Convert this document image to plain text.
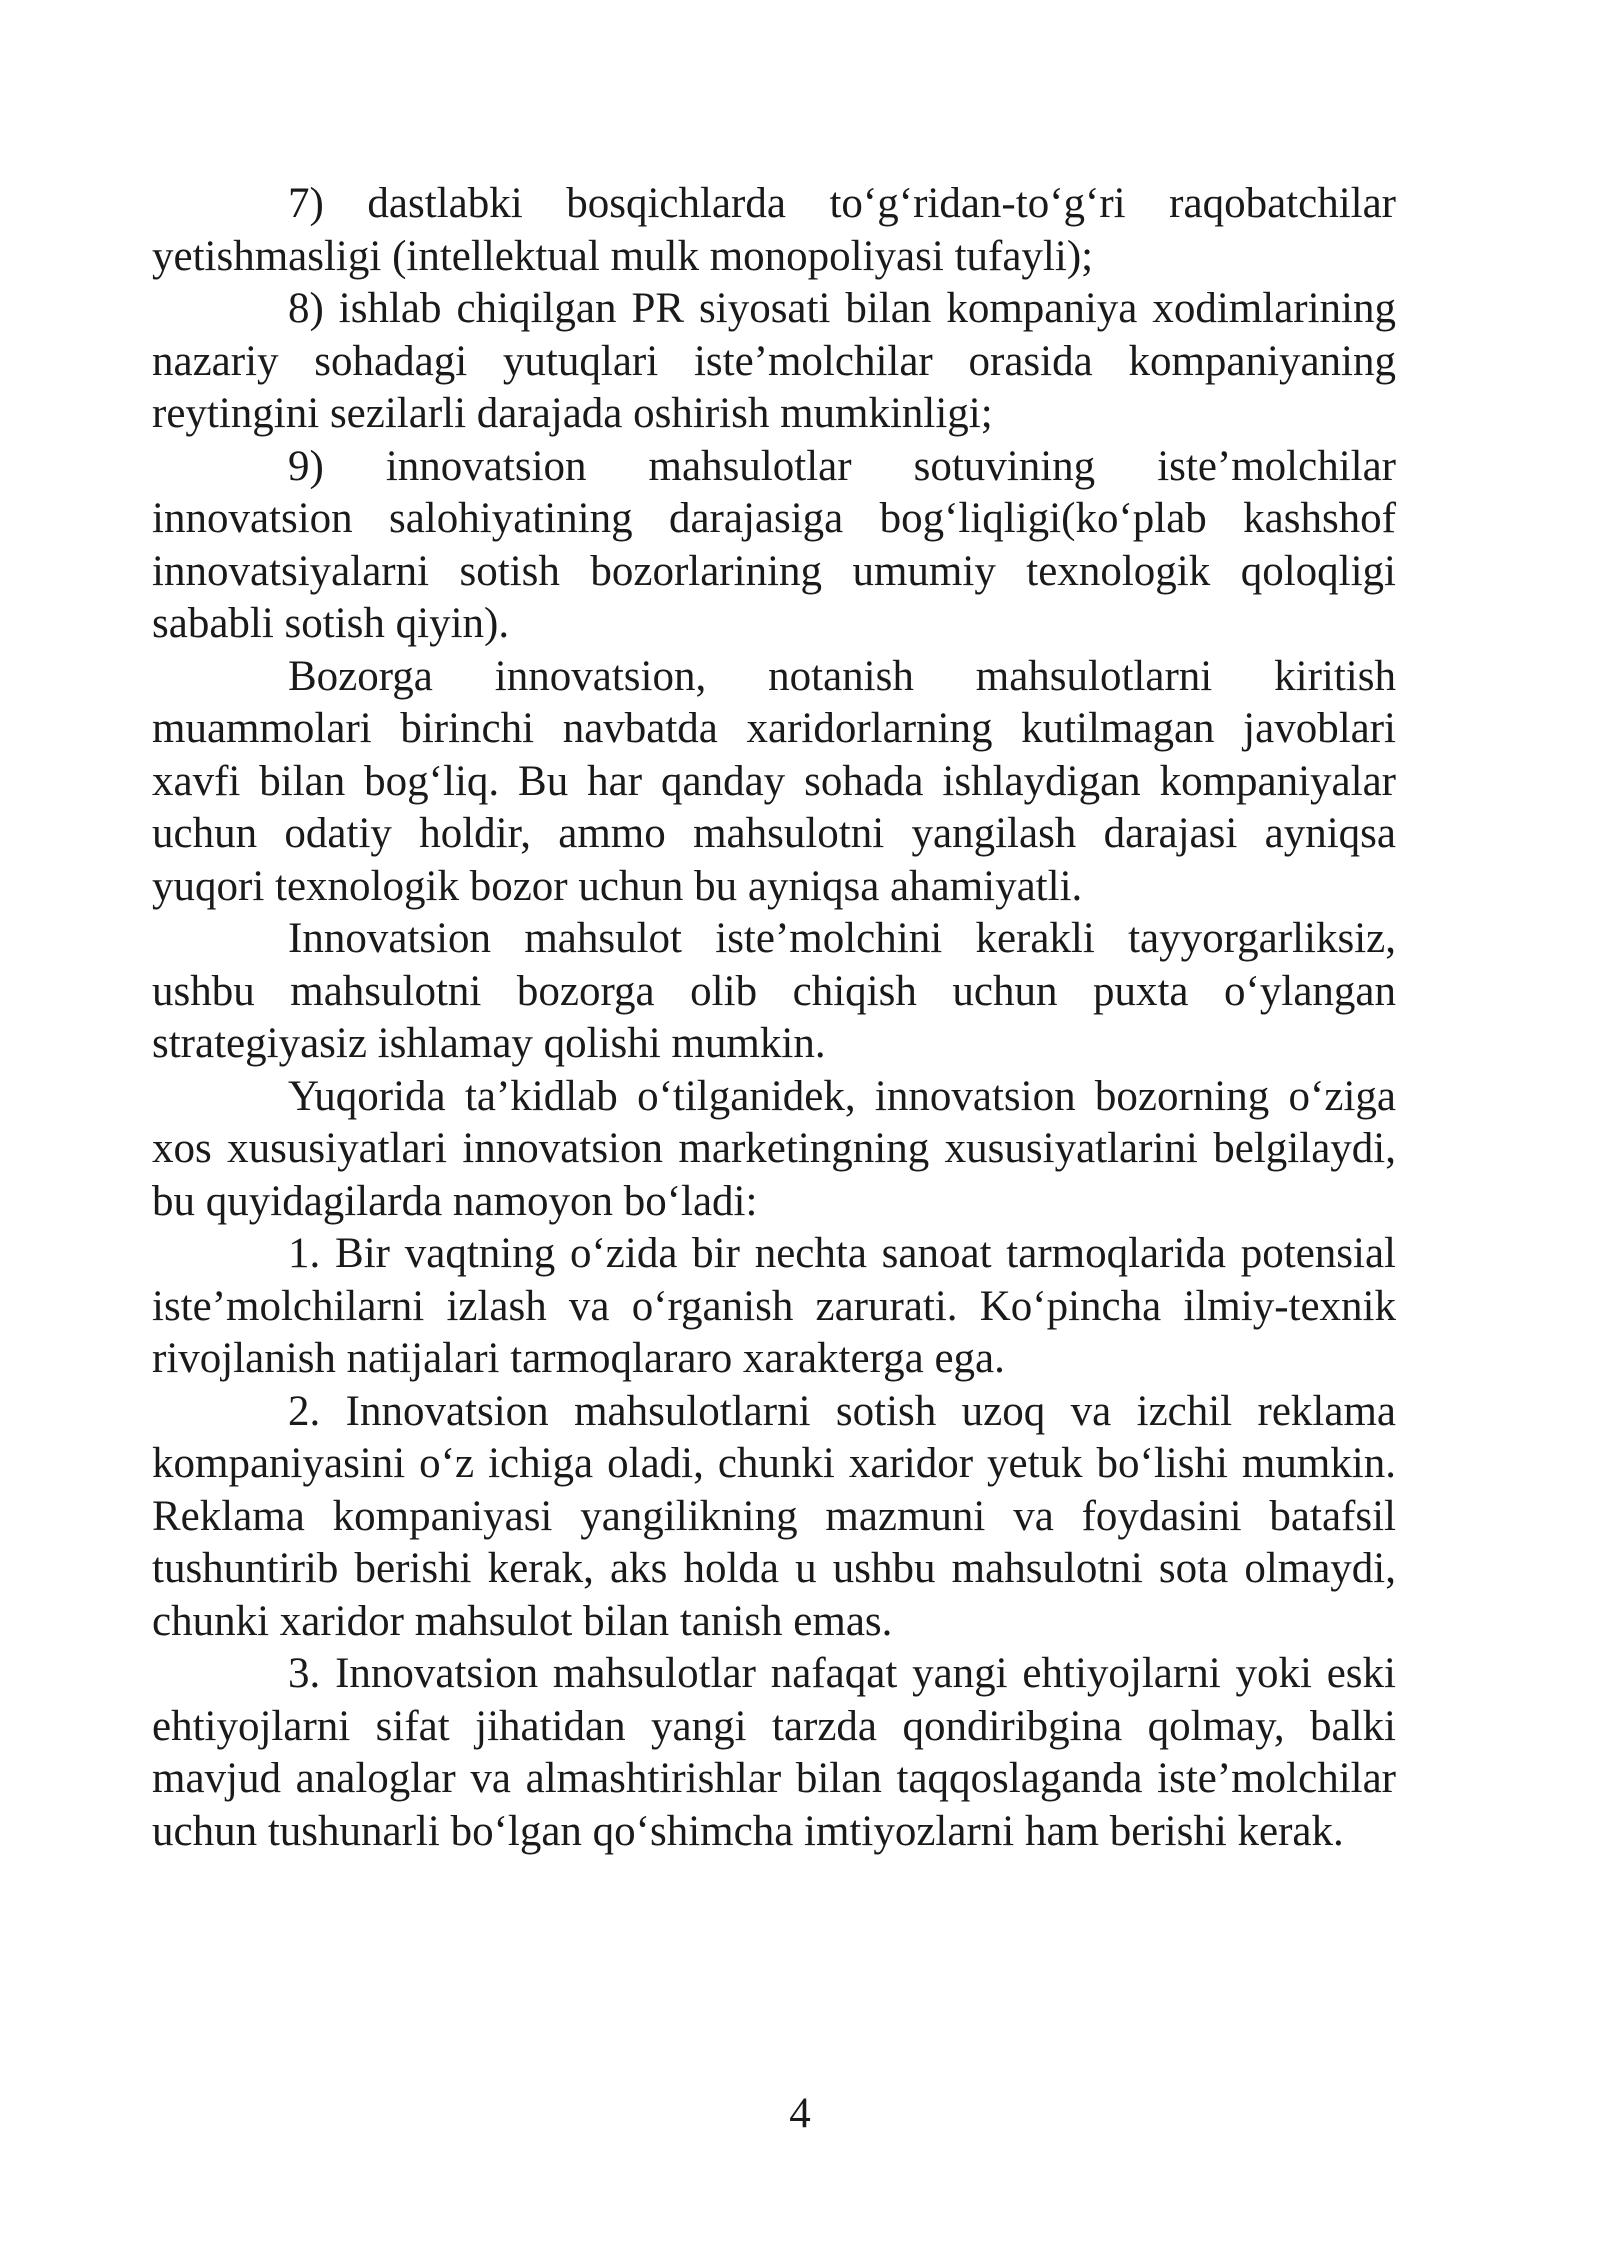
7) dastlabki bosqichlarda to‘g‘ridan-to‘g‘ri raqobatchilar yetishmasligi (intellektual mulk monopoliyasi tufayli);

8) ishlab chiqilgan PR siyosati bilan kompaniya xodimlarining nazariy sohadagi yutuqlari iste’molchilar orasida kompaniyaning reytingini sezilarli darajada oshirish mumkinligi;

9) innovatsion mahsulotlar sotuvining iste’molchilar innovatsion salohiyatining darajasiga bog‘liqligi(ko‘plab kashshof innovatsiyalarni sotish bozorlarining umumiy texnologik qoloqligi sababli sotish qiyin).

Bozorga innovatsion, notanish mahsulotlarni kiritish muammolari birinchi navbatda xaridorlarning kutilmagan javoblari xavfi bilan bog‘liq. Bu har qanday sohada ishlaydigan kompaniyalar uchun odatiy holdir, ammo mahsulotni yangilash darajasi ayniqsa yuqori texnologik bozor uchun bu ayniqsa ahamiyatli.

Innovatsion mahsulot iste’molchini kerakli tayyorgarliksiz, ushbu mahsulotni bozorga olib chiqish uchun puxta o‘ylangan strategiyasiz ishlamay qolishi mumkin.

Yuqorida ta’kidlab o‘tilganidek, innovatsion bozorning o‘ziga xos xususiyatlari innovatsion marketingning xususiyatlarini belgilaydi, bu quyidagilarda namoyon bo‘ladi:

1. Bir vaqtning o‘zida bir nechta sanoat tarmoqlarida potensial iste’molchilarni izlash va o‘rganish zarurati. Ko‘pincha ilmiy-texnik rivojlanish natijalari tarmoqlararo xarakterga ega.

2. Innovatsion mahsulotlarni sotish uzoq va izchil reklama kompaniyasini o‘z ichiga oladi, chunki xaridor yetuk bo‘lishi mumkin. Reklama kompaniyasi yangilikning mazmuni va foydasini batafsil tushuntirib berishi kerak, aks holda u ushbu mahsulotni sota olmaydi, chunki xaridor mahsulot bilan tanish emas.

3. Innovatsion mahsulotlar nafaqat yangi ehtiyojlarni yoki eski ehtiyojlarni sifat jihatidan yangi tarzda qondiribgina qolmay, balki mavjud analoglar va almashtirishlar bilan taqqoslaganda iste’molchilar uchun tushunarli bo‘lgan qo‘shimcha imtiyozlarni ham berishi kerak.

4
